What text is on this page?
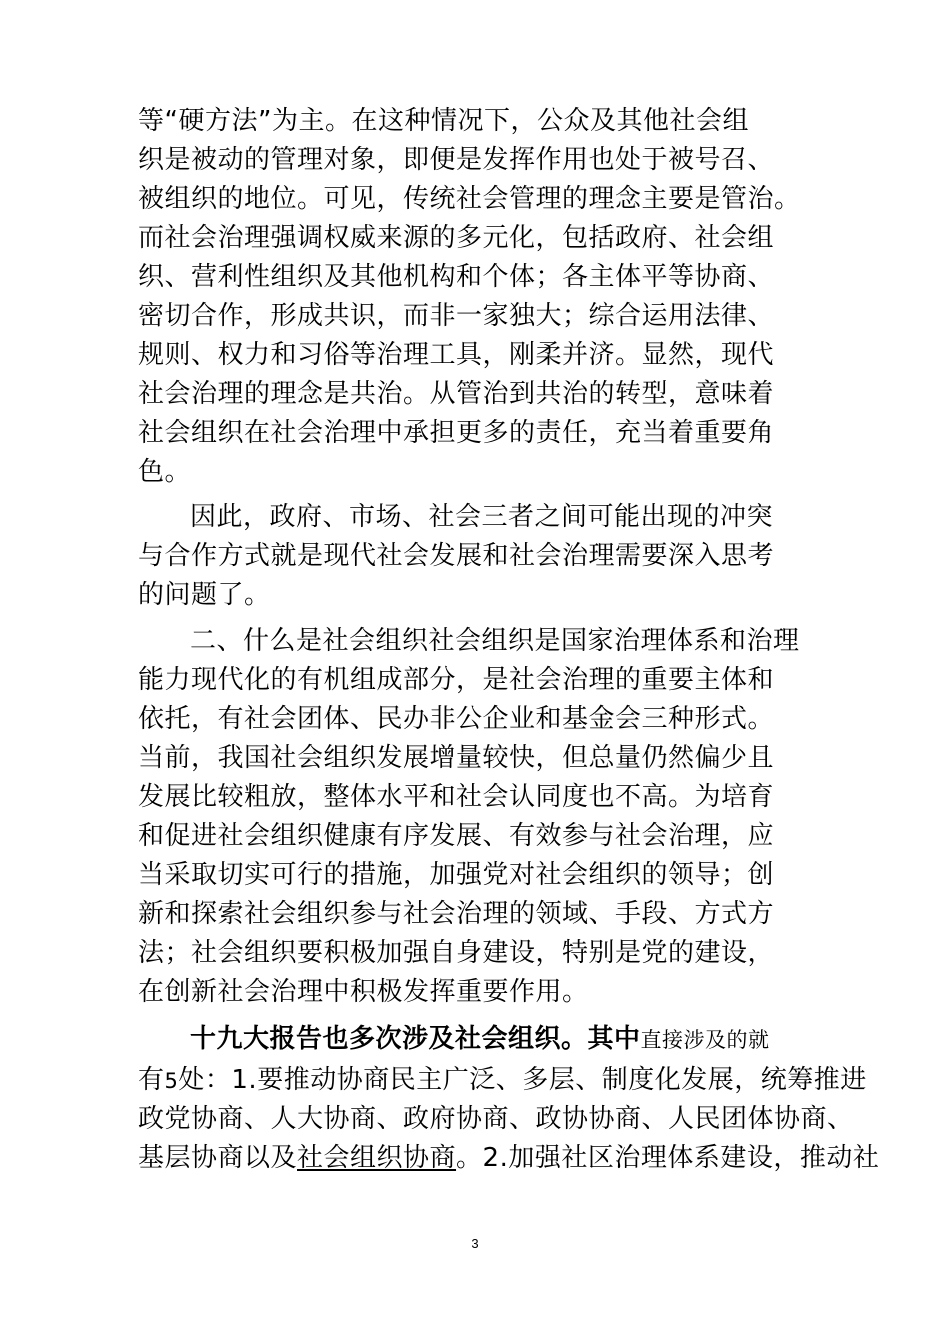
等“硬方法”为主。在这种情况下，公众及其他社会组
织是被动的管理对象，即便是发挥作用也处于被号召、
被组织的地位。可见，传统社会管理的理念主要是管治。
而社会治理强调权威来源的多元化，包括政府、社会组
织、营利性组织及其他机构和个体；各主体平等协商、
密切合作，形成共识，而非一家独大；综合运用法律、
规则、权力和习俗等治理工具，刚柔并济。显然，现代
社会治理的理念是共治。从管治到共治的转型，意味着
社会组织在社会治理中承担更多的责任，充当着重要角
色。
因此，政府、市场、社会三者之间可能出现的冲突
与合作方式就是现代社会发展和社会治理需要深入思考
的问题了。
二、什么是社会组织社会组织是国家治理体系和治理
能力现代化的有机组成部分，是社会治理的重要主体和
依托，有社会团体、民办非公企业和基金会三种形式。
当前，我国社会组织发展增量较快，但总量仍然偏少且
发展比较粗放，整体水平和社会认同度也不高。为培育
和促进社会组织健康有序发展、有效参与社会治理，应
当采取切实可行的措施，加强党对社会组织的领导；创
新和探索社会组织参与社会治理的领域、手段、方式方
法；社会组织要积极加强自身建设，特别是党的建设，
在创新社会治理中积极发挥重要作用。
十九大报告也多次涉及社会组织。其中直接涉及的就
有5处：1.要推动协商民主广泛、多层、制度化发展，统筹推进
政党协商、人大协商、政府协商、政协协商、人民团体协商、
基层协商以及社会组织协商。2.加强社区治理体系建设，推动社
3
